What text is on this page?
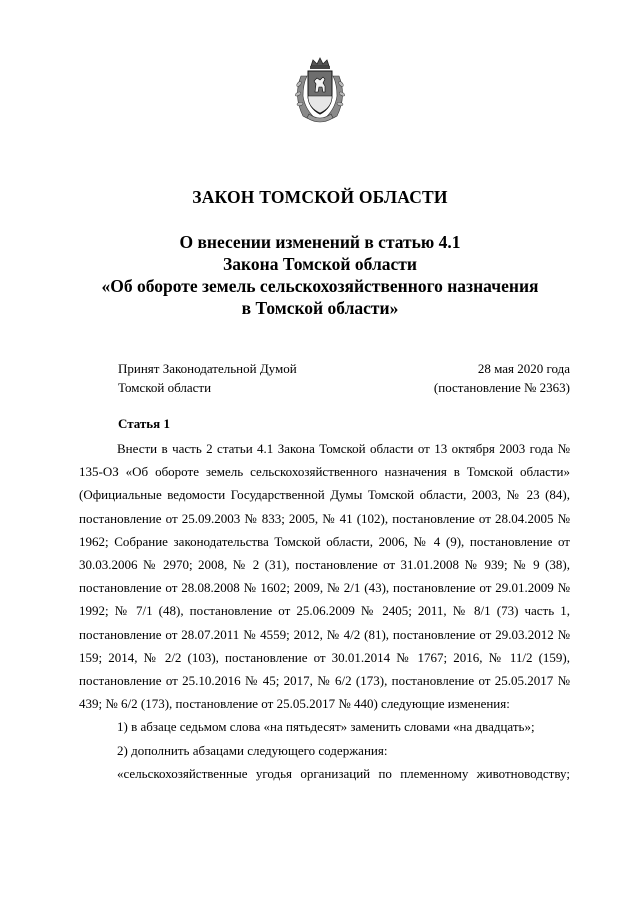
ЗАКОН ТОМСКОЙ ОБЛАСТИ
О внесении изменений в статью 4.1
Закона Томской области
«Об обороте земель сельскохозяйственного назначения
в Томской области»
Принят Законодательной Думой	28 мая 2020 года
Томской области	(постановление № 2363)
Статья 1

Внести в часть 2 статьи 4.1 Закона Томской области от 13 октября 2003 года № 135-ОЗ «Об обороте земель сельскохозяйственного назначения в Томской области» (Официальные ведомости Государственной Думы Томской области, 2003, № 23 (84), постановление от 25.09.2003 № 833; 2005, № 41 (102), постановление от 28.04.2005 № 1962; Собрание законодательства Томской области, 2006, № 4 (9), постановление от 30.03.2006 № 2970; 2008, № 2 (31), постановление от 31.01.2008 № 939; № 9 (38), постановление от 28.08.2008 № 1602; 2009, № 2/1 (43), постановление от 29.01.2009 № 1992; № 7/1 (48), постановление от 25.06.2009 № 2405; 2011, № 8/1 (73) часть 1, постановление от 28.07.2011 № 4559; 2012, № 4/2 (81), постановление от 29.03.2012 № 159; 2014, № 2/2 (103), постановление от 30.01.2014 № 1767; 2016, № 11/2 (159), постановление от 25.10.2016 № 45; 2017, № 6/2 (173), постановление от 25.05.2017 № 439; № 6/2 (173), постановление от 25.05.2017 № 440) следующие изменения:

1) в абзаце седьмом слова «на пятьдесят» заменить словами «на двадцать»;

2) дополнить абзацами следующего содержания:

«сельскохозяйственные угодья организаций по племенному животноводству;
